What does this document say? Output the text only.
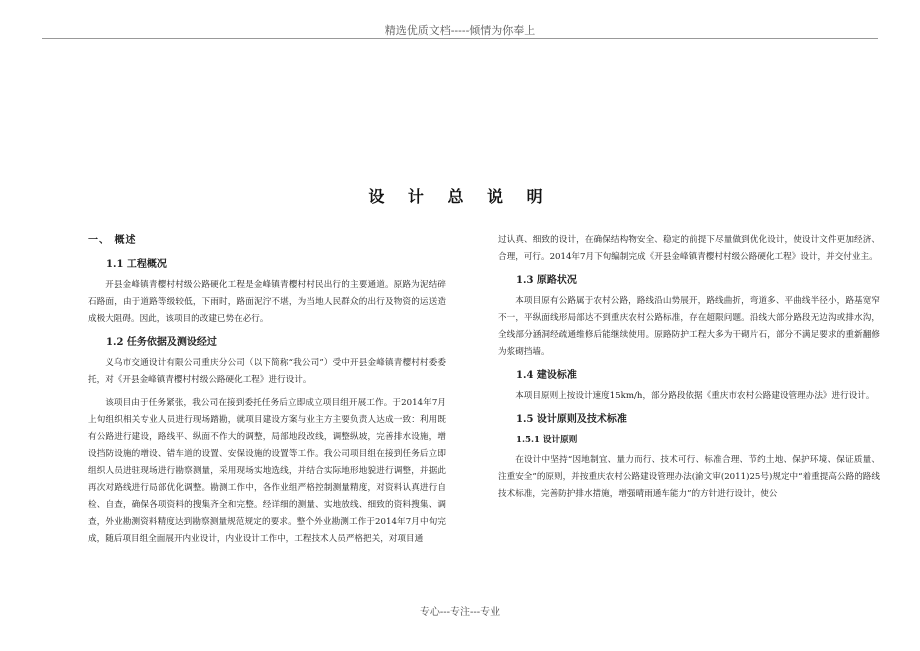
精选优质文档-----倾情为你奉上
设 计 总 说 明
一、 概述
1.1 工程概况
开县金峰镇青樱村村级公路硬化工程是金峰镇青樱村村民出行的主要通道。原路为泥结碎石路面，由于道路等级较低，下雨时，路面泥泞不堪，为当地人民群众的出行及物资的运送造成极大阻碍。因此，该项目的改建已势在必行。
1.2 任务依据及测设经过
义乌市交通设计有限公司重庆分公司（以下简称“我公司”）受中开县金峰镇青樱村村委委托，对《开县金峰镇青樱村村级公路硬化工程》进行设计。
该项目由于任务紧张，我公司在接到委托任务后立即成立项目组开展工作。于2014年7月上旬组织相关专业人员进行现场踏勘，就项目建设方案与业主方主要负责人达成一致：利用既有公路进行建设，路线平、纵面不作大的调整，局部地段改线，调整纵坡，完善排水设施，增设挡防设施的增设、错车道的设置、安保设施的设置等工作。我公司项目组在接到任务后立即组织人员进驻现场进行勘察测量，采用现场实地选线，并结合实际地形地貌进行调整，并据此再次对路线进行局部优化调整。勘测工作中，各作业组严格控制测量精度，对资料认真进行自检、自查，确保各项资料的搜集齐全和完整。经详细的测量、实地放线、细致的资料搜集、调查，外业勘测资料精度达到勘察测量规范规定的要求。整个外业勘测工作于2014年7月中旬完成，随后项目组全面展开内业设计，内业设计工作中，工程技术人员严格把关，对项目通
过认真、细致的设计，在确保结构物安全、稳定的前提下尽量做到优化设计，使设计文件更加经济、合理，可行。2014年7月下旬编制完成《开县金峰镇青樱村村级公路硬化工程》设计，并交付业主。
1.3 原路状况
本项目原有公路属于农村公路，路线沿山势展开，路线曲折，弯道多、平曲线半径小，路基宽窄不一，平纵面线形局部达不到重庆农村公路标准，存在超限问题。沿线大部分路段无边沟或排水沟，全线部分涵洞经疏通维修后能继续使用。原路防护工程大多为干砌片石，部分不满足要求的重新翻修为浆砌挡墙。
1.4 建设标准
本项目原则上按设计速度15km/h，部分路段依据《重庆市农村公路建设管理办法》进行设计。
1.5 设计原则及技术标准
1.5.1 设计原则
在设计中坚持“因地制宜、量力而行、技术可行、标准合理、节约土地、保护环境、保证质量、注重安全”的原则，并按重庆农村公路建设管理办法(渝文审(2011)25号)规定中“着重提高公路的路线技术标准，完善防护排水措施，增强晴雨通车能力”的方针进行设计，使公
专心---专注---专业
